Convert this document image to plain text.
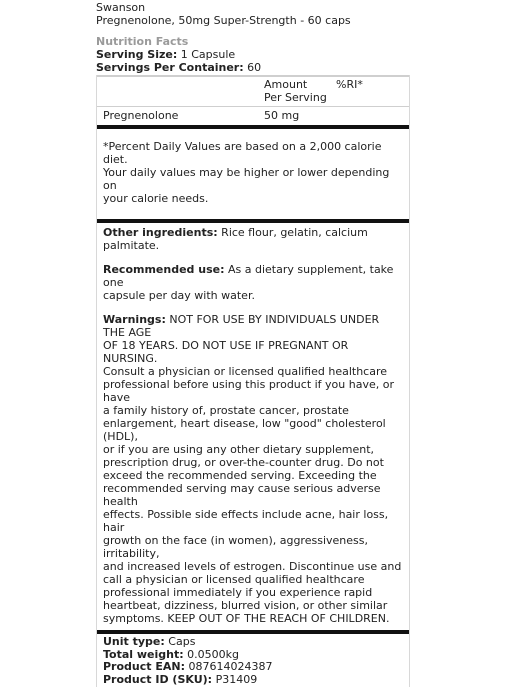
Swanson
Pregnenolone, 50mg Super-Strength - 60 caps
Nutrition Facts
Serving Size: 1 Capsule
Servings Per Container: 60
Amount
Per Serving
%RI*
Pregnenolone	50 mg
*Percent Daily Values are based on a 2,000 calorie diet.
Your daily values may be higher or lower depending on
your calorie needs.
Other ingredients: Rice flour, gelatin, calcium palmitate.
Recommended use: As a dietary supplement, take one
capsule per day with water.
Warnings: NOT FOR USE BY INDIVIDUALS UNDER THE AGE
OF 18 YEARS. DO NOT USE IF PREGNANT OR NURSING.
Consult a physician or licensed qualified healthcare
professional before using this product if you have, or have
a family history of, prostate cancer, prostate
enlargement, heart disease, low "good" cholesterol (HDL),
or if you are using any other dietary supplement,
prescription drug, or over-the-counter drug. Do not
exceed the recommended serving. Exceeding the
recommended serving may cause serious adverse health
effects. Possible side effects include acne, hair loss, hair
growth on the face (in women), aggressiveness, irritability,
and increased levels of estrogen. Discontinue use and
call a physician or licensed qualified healthcare
professional immediately if you experience rapid
heartbeat, dizziness, blurred vision, or other similar
symptoms. KEEP OUT OF THE REACH OF CHILDREN.
Unit type: Caps
Total weight: 0.0500kg
Product EAN: 087614024387
Product ID (SKU): P31409
